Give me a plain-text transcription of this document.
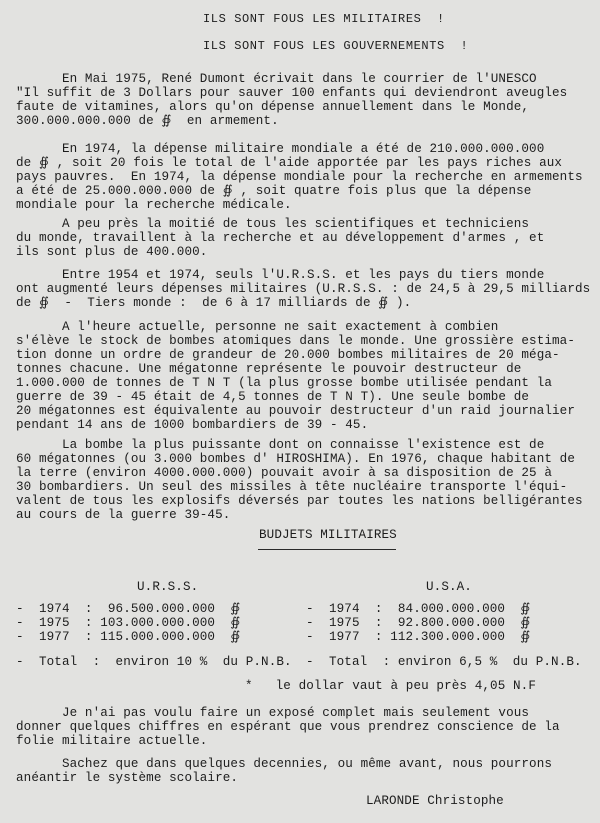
ILS SONT FOUS LES MILITAIRES  !
ILS SONT FOUS LES GOUVERNEMENTS  !
En Mai 1975, René Dumont écrivait dans le courrier de l'UNESCO
"Il suffit de 3 Dollars pour sauver 100 enfants qui deviendront aveugles
faute de vitamines, alors qu'on dépense annuellement dans le Monde,
300.000.000.000 de ∯  en armement.
En 1974, la dépense militaire mondiale a été de 210.000.000.000
de ∯ , soit 20 fois le total de l'aide apportée par les pays riches aux
pays pauvres.  En 1974, la dépense mondiale pour la recherche en armements
a été de 25.000.000.000 de ∯ , soit quatre fois plus que la dépense
mondiale pour la recherche médicale.
A peu près la moitié de tous les scientifiques et techniciens
du monde, travaillent à la recherche et au développement d'armes , et
ils sont plus de 400.000.
Entre 1954 et 1974, seuls l'U.R.S.S. et les pays du tiers monde
ont augmenté leurs dépenses militaires (U.R.S.S. : de 24,5 à 29,5 milliards
de ∯  -  Tiers monde :  de 6 à 17 milliards de ∯ ).
A l'heure actuelle, personne ne sait exactement à combien
s'élève le stock de bombes atomiques dans le monde. Une grossière estima-
tion donne un ordre de grandeur de 20.000 bombes militaires de 20 méga-
tonnes chacune. Une mégatonne représente le pouvoir destructeur de
1.000.000 de tonnes de T N T (la plus grosse bombe utilisée pendant la
guerre de 39 - 45 était de 4,5 tonnes de T N T). Une seule bombe de
20 mégatonnes est équivalente au pouvoir destructeur d'un raid journalier
pendant 14 ans de 1000 bombardiers de 39 - 45.
La bombe la plus puissante dont on connaisse l'existence est de
60 mégatonnes (ou 3.000 bombes d' HIROSHIMA). En 1976, chaque habitant de
la terre (environ 4000.000.000) pouvait avoir à sa disposition de 25 à
30 bombardiers. Un seul des missiles à tête nucléaire transporte l'équi-
valent de tous les explosifs déversés par toutes les nations belligérantes
au cours de la guerre 39-45.
BUDJETS MILITAIRES
U.R.S.S.	U.S.A.
-  1974  :  96.500.000.000  ∯
-  1975  : 103.000.000.000  ∯
-  1977  : 115.000.000.000  ∯
-  1974  :  84.000.000.000  ∯
-  1975  :  92.800.000.000  ∯
-  1977  : 112.300.000.000  ∯
-  Total  :  environ 10 %  du P.N.B. -  Total  : environ 6,5 %  du P.N.B.
*   le dollar vaut à peu près 4,05 N.F
Je n'ai pas voulu faire un exposé complet mais seulement vous
donner quelques chiffres en espérant que vous prendrez conscience de la
folie militaire actuelle.
Sachez que dans quelques decennies, ou même avant, nous pourrons
anéantir le système scolaire.
LARONDE Christophe
